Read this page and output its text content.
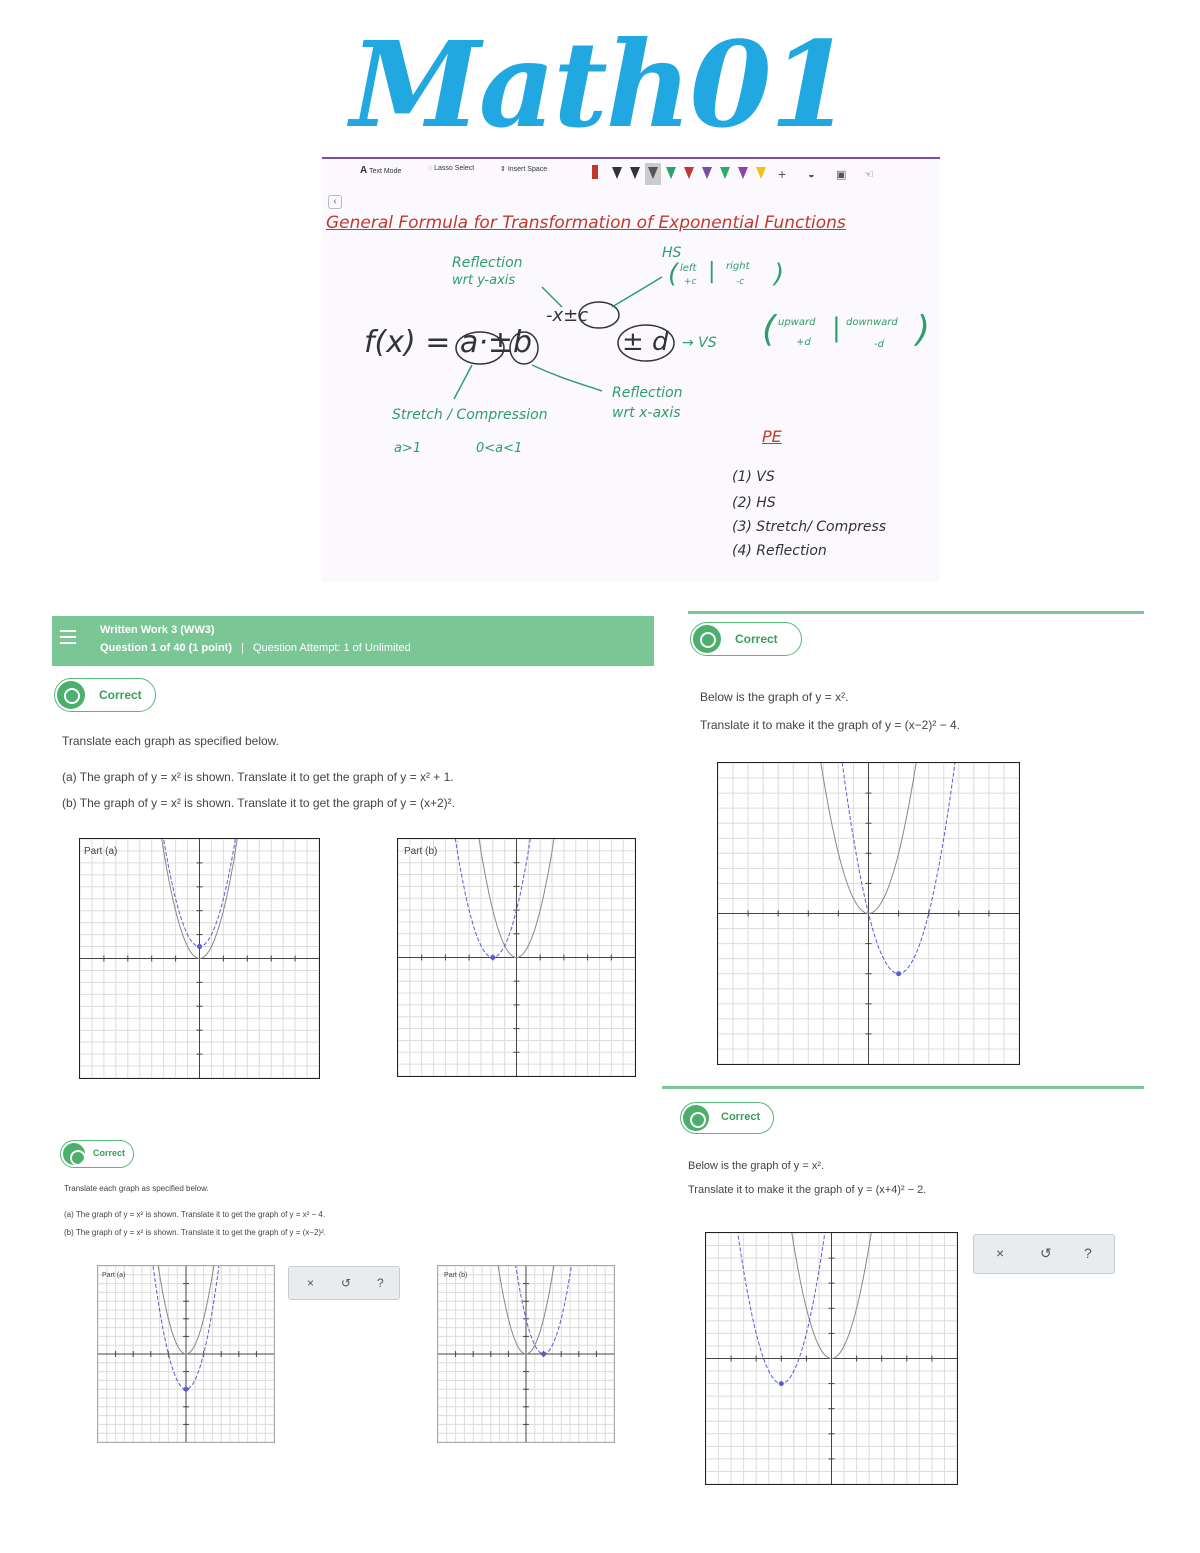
Math01
A Text Mode	◌ Lasso Select	⇕ Insert Space	+ ◒ ▣ ☜
‹
General Formula for Transformation of Exponential Functions
Reflection
wrt y-axis
HS
( left
+c | right
-c )
-x±c
f(x) = a·±b	± d → VS ( upward
+d | downward
-d )
Reflection
wrt x-axis
Stretch / Compression
a>1	0<a<1
PE
(1) VS
(2) HS
(3) Stretch/ Compress
(4) Reflection
Written Work 3 (WW3)
Question 1 of 40 (1 point) | Question Attempt: 1 of Unlimited
Correct
Translate each graph as specified below.
(a) The graph of y = x² is shown. Translate it to get the graph of y = x² + 1.
(b) The graph of y = x² is shown. Translate it to get the graph of y = (x+2)².
Part (a)	Part (b)
Correct
Below is the graph of y = x².
Translate it to make it the graph of y = (x−2)² − 4.
Correct
Translate each graph as specified below.
(a) The graph of y = x² is shown. Translate it to get the graph of y = x² − 4.
(b) The graph of y = x² is shown. Translate it to get the graph of y = (x−2)².
Part (a)	Part (b)
× ↺ ?
Correct
Below is the graph of y = x².
Translate it to make it the graph of y = (x+4)² − 2.
×	↺ ?
